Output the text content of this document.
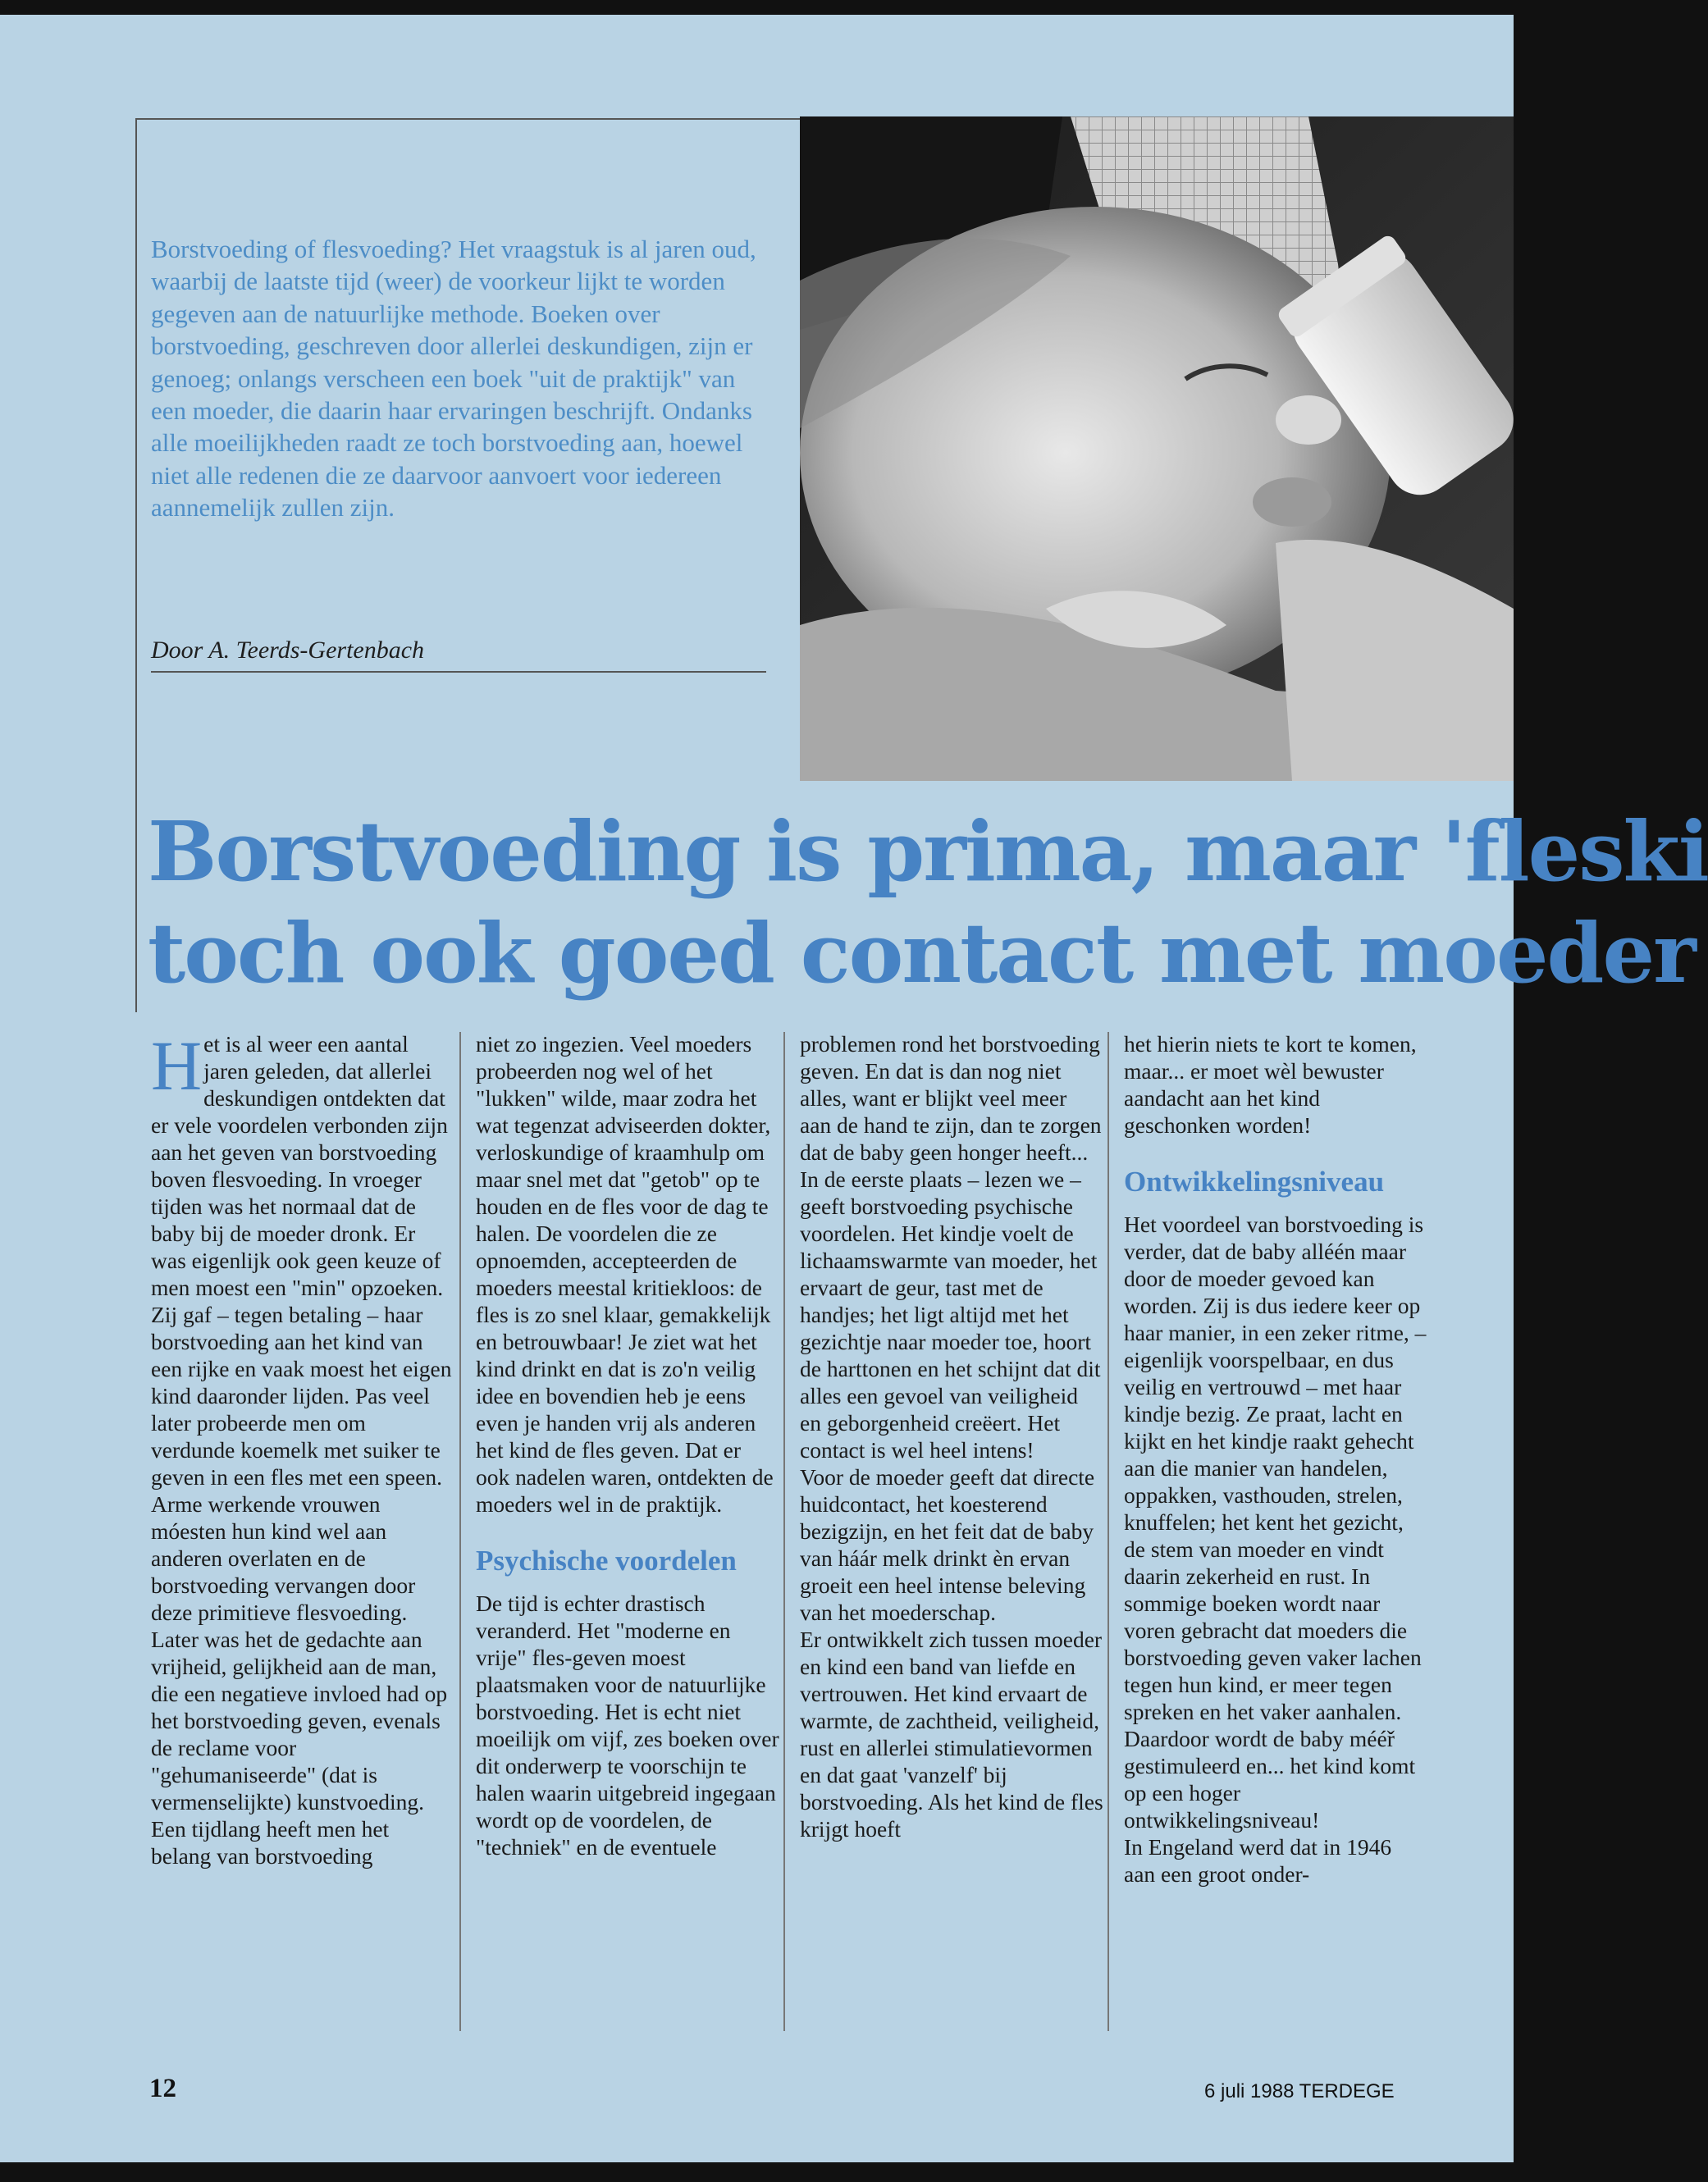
Borstvoeding of flesvoeding? Het vraagstuk is al jaren oud, waarbij de laatste tijd (weer) de voorkeur lijkt te worden gegeven aan de natuurlijke methode. Boeken over borstvoeding, geschreven door allerlei deskundigen, zijn er genoeg; onlangs verscheen een boek "uit de praktijk" van een moeder, die daarin haar ervaringen beschrijft. Ondanks alle moeilijkheden raadt ze toch borstvoeding aan, hoewel niet alle redenen die ze daarvoor aanvoert voor iedereen aannemelijk zullen zijn.
Door A. Teerds-Gertenbach
Borstvoeding is prima, maar 'fleski
toch ook goed contact met moeder

Het is al weer een aantal jaren geleden, dat allerlei deskundigen ontdekten dat er vele voordelen verbonden zijn aan het geven van borstvoeding boven flesvoeding. In vroeger tijden was het normaal dat de baby bij de moeder dronk. Er was eigenlijk ook geen keuze of men moest een "min" opzoeken. Zij gaf – tegen betaling – haar borstvoeding aan het kind van een rijke en vaak moest het eigen kind daaronder lijden. Pas veel later probeerde men om verdunde koemelk met suiker te geven in een fles met een speen. Arme werkende vrouwen móesten hun kind wel aan anderen overlaten en de borstvoeding vervangen door deze primitieve flesvoeding. Later was het de gedachte aan vrijheid, gelijkheid aan de man, die een negatieve invloed had op het borstvoeding geven, evenals de reclame voor "gehumaniseerde" (dat is vermenselijkte) kunstvoeding.

Een tijdlang heeft men het belang van borstvoeding

niet zo ingezien. Veel moeders probeerden nog wel of het "lukken" wilde, maar zodra het wat tegenzat adviseerden dokter, verloskundige of kraamhulp om maar snel met dat "getob" op te houden en de fles voor de dag te halen. De voordelen die ze opnoemden, accepteerden de moeders meestal kritiekloos: de fles is zo snel klaar, gemakkelijk en betrouwbaar! Je ziet wat het kind drinkt en dat is zo'n veilig idee en bovendien heb je eens even je handen vrij als anderen het kind de fles geven. Dat er ook nadelen waren, ontdekten de moeders wel in de praktijk.

Psychische voordelen

De tijd is echter drastisch veranderd. Het "moderne en vrije" fles-geven moest plaatsmaken voor de natuurlijke borstvoeding. Het is echt niet moeilijk om vijf, zes boeken over dit onderwerp te voorschijn te halen waarin uitgebreid ingegaan wordt op de voordelen, de "techniek" en de eventuele

problemen rond het borstvoeding geven. En dat is dan nog niet alles, want er blijkt veel meer aan de hand te zijn, dan te zorgen dat de baby geen honger heeft...

In de eerste plaats – lezen we – geeft borstvoeding psychische voordelen. Het kindje voelt de lichaamswarmte van moeder, het ervaart de geur, tast met de handjes; het ligt altijd met het gezichtje naar moeder toe, hoort de harttonen en het schijnt dat dit alles een gevoel van veiligheid en geborgenheid creëert. Het contact is wel heel intens!

Voor de moeder geeft dat directe huidcontact, het koesterend bezigzijn, en het feit dat de baby van háár melk drinkt èn ervan groeit een heel intense beleving van het moederschap.

Er ontwikkelt zich tussen moeder en kind een band van liefde en vertrouwen. Het kind ervaart de warmte, de zachtheid, veiligheid, rust en allerlei stimulatievormen en dat gaat 'vanzelf' bij borstvoeding. Als het kind de fles krijgt hoeft

het hierin niets te kort te komen, maar... er moet wèl bewuster aandacht aan het kind geschonken worden!

Ontwikkelingsniveau

Het voordeel van borstvoeding is verder, dat de baby alléén maar door de moeder gevoed kan worden. Zij is dus iedere keer op haar manier, in een zeker ritme, – eigenlijk voorspelbaar, en dus veilig en vertrouwd – met haar kindje bezig. Ze praat, lacht en kijkt en het kindje raakt gehecht aan die manier van handelen, oppakken, vasthouden, strelen, knuffelen; het kent het gezicht, de stem van moeder en vindt daarin zekerheid en rust. In sommige boeken wordt naar voren gebracht dat moeders die borstvoeding geven vaker lachen tegen hun kind, er meer tegen spreken en het vaker aanhalen. Daardoor wordt de baby mééř gestimuleerd en... het kind komt op een hoger ontwikkelingsniveau!

In Engeland werd dat in 1946 aan een groot onder-

12	6 juli 1988 TERDEGE
